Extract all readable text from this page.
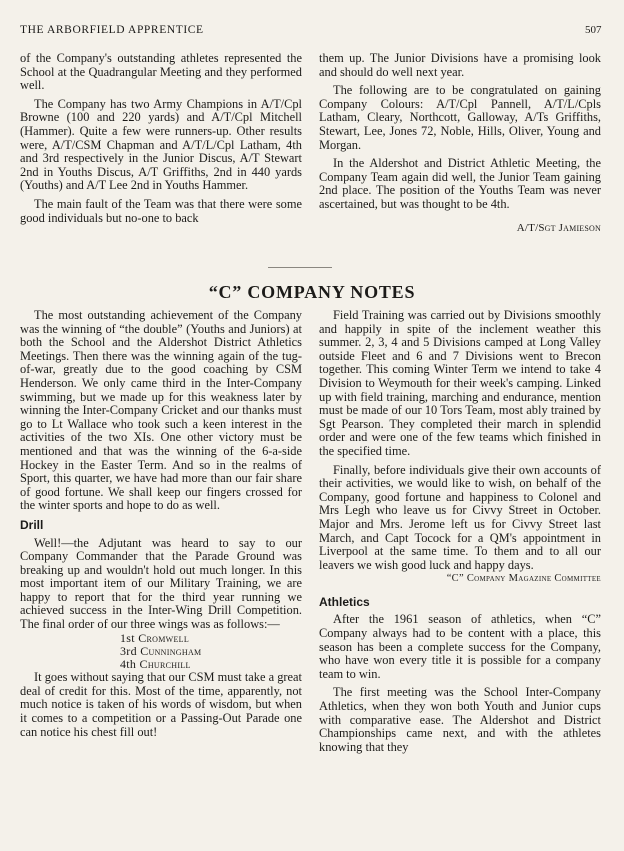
THE ARBORFIELD APPRENTICE	507

of the Company's outstanding athletes represented the School at the Quadrangular Meeting and they performed well.

The Company has two Army Champions in A/T/Cpl Browne (100 and 220 yards) and A/T/Cpl Mitchell (Hammer). Quite a few were runners-up. Other results were, A/T/CSM Chapman and A/T/L/Cpl Latham, 4th and 3rd respectively in the Junior Discus, A/T Stewart 2nd in Youths Discus, A/T Griffiths, 2nd in 440 yards (Youths) and A/T Lee 2nd in Youths Hammer.

The main fault of the Team was that there were some good individuals but no-one to back

them up. The Junior Divisions have a promising look and should do well next year.

The following are to be congratulated on gaining Company Colours: A/T/Cpl Pannell, A/T/L/Cpls Latham, Cleary, Northcott, Galloway, A/Ts Griffiths, Stewart, Lee, Jones 72, Noble, Hills, Oliver, Young and Morgan.

In the Aldershot and District Athletic Meeting, the Company Team again did well, the Junior Team gaining 2nd place. The position of the Youths Team was never ascertained, but was thought to be 4th.

A/T/Sgt Jamieson
“C” COMPANY NOTES

The most outstanding achievement of the Company was the winning of “the double” (Youths and Juniors) at both the School and the Aldershot District Athletics Meetings. Then there was the winning again of the tug-of-war, greatly due to the good coaching by CSM Henderson. We only came third in the Inter-Company swimming, but we made up for this weakness later by winning the Inter-Company Cricket and our thanks must go to Lt Wallace who took such a keen interest in the activities of the two XIs. One other victory must be mentioned and that was the winning of the 6-a-side Hockey in the Easter Term. And so in the realms of Sport, this quarter, we have had more than our fair share of good fortune. We shall keep our fingers crossed for the winter sports and hope to do as well.

Drill

Well!—the Adjutant was heard to say to our Company Commander that the Parade Ground was breaking up and wouldn't hold out much longer. In this most important item of our Military Training, we are happy to report that for the third year running we achieved success in the Inter-Wing Drill Competition. The final order of our three wings was as follows:—

1st Cromwell
3rd Cunningham
4th Churchill

It goes without saying that our CSM must take a great deal of credit for this. Most of the time, apparently, not much notice is taken of his words of wisdom, but when it comes to a competition or a Passing-Out Parade one can notice his chest fill out!

Field Training was carried out by Divisions smoothly and happily in spite of the inclement weather this summer. 2, 3, 4 and 5 Divisions camped at Long Valley outside Fleet and 6 and 7 Divisions went to Brecon together. This coming Winter Term we intend to take 4 Division to Weymouth for their week's camping. Linked up with field training, marching and endurance, mention must be made of our 10 Tors Team, most ably trained by Sgt Pearson. They completed their march in splendid order and were one of the few teams which finished in the specified time.

Finally, before individuals give their own accounts of their activities, we would like to wish, on behalf of the Company, good fortune and happiness to Colonel and Mrs Legh who leave us for Civvy Street in October. Major and Mrs. Jerome left us for Civvy Street last March, and Capt Tocock for a QM's appointment in Liverpool at the same time. To them and to all our leavers we wish good luck and happy days.

“C” Company Magazine Committee
Athletics

After the 1961 season of athletics, when “C” Company always had to be content with a place, this season has been a complete success for the Company, who have won every title it is possible for a company team to win.

The first meeting was the School Inter-Company Athletics, when they won both Youth and Junior cups with comparative ease. The Aldershot and District Championships came next, and with the athletes knowing that they
